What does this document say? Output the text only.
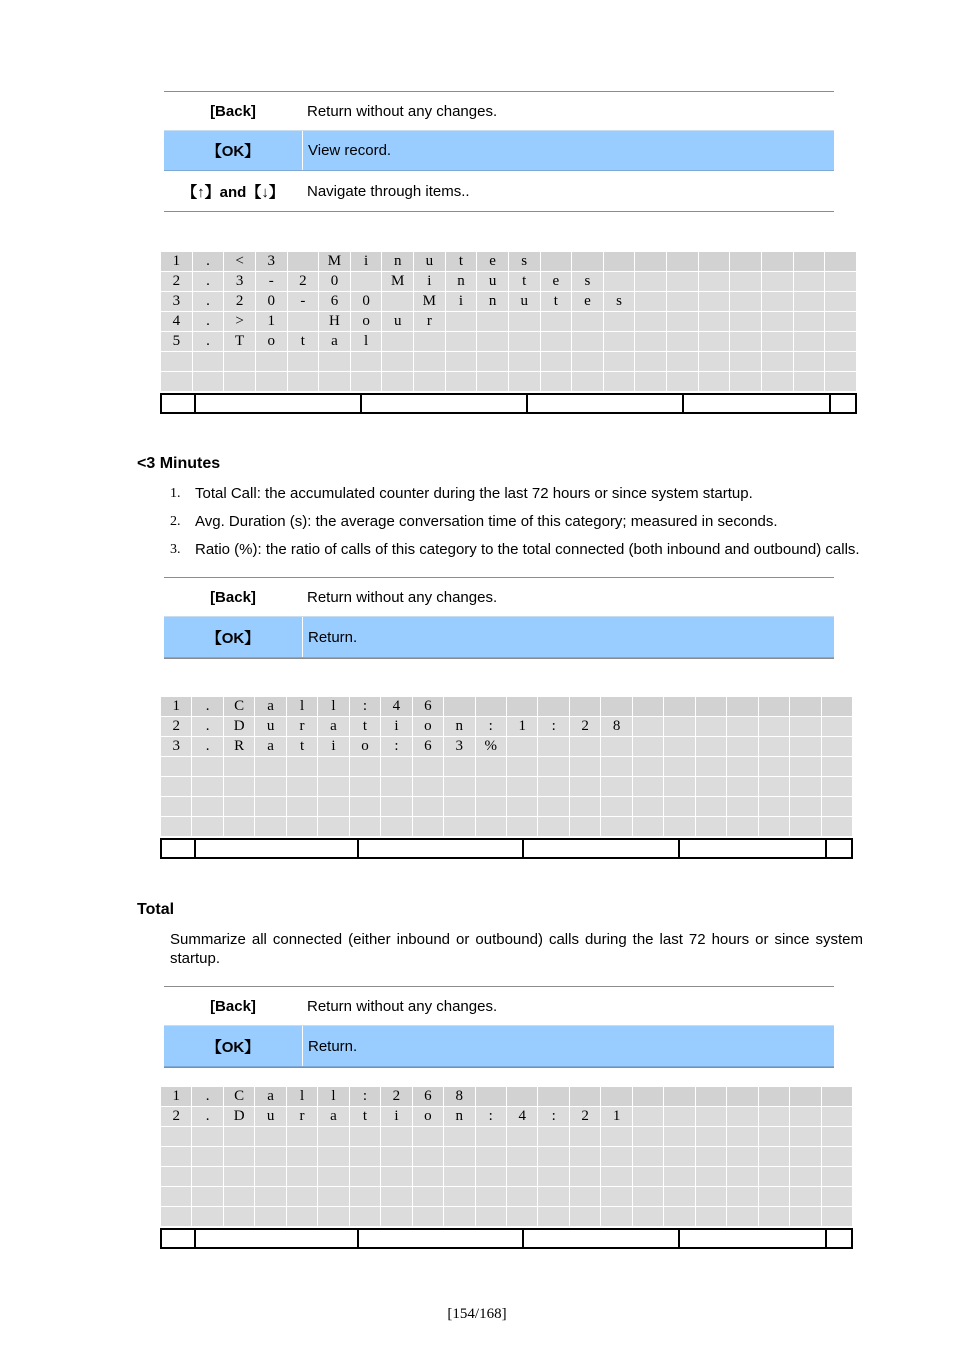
[Back]	Return without any changes.
【OK】	View record.
【↑】and【↓】	Navigate through items..
1	.	<	3		M	i	n	u	t	e	s										
2	.	3	-	2	0		M	i	n	u	t	e	s								
3	.	2	0	-	6	0		M	i	n	u	t	e	s							
4	.	>	1		H	o	u	r													
5	.	T	o	t	a	l															

<3 Minutes
1. Total Call: the accumulated counter during the last 72 hours or since system startup.
2. Avg. Duration (s): the average conversation time of this category; measured in seconds.
3. Ratio (%): the ratio of calls of this category to the total connected (both inbound and outbound) calls.
[Back]	Return without any changes.
【OK】	Return.
1	.	C	a	l	l	:	4	6													
2	.	D	u	r	a	t	i	o	n	:	1	:	2	8							
3	.	R	a	t	i	o	:	6	3	%											

Total
Summarize all connected (either inbound or outbound) calls during the last 72 hours or since system startup.
[Back]	Return without any changes.
【OK】	Return.
1	.	C	a	l	l	:	2	6	8												
2	.	D	u	r	a	t	i	o	n	:	4	:	2	1							

[154/168]
